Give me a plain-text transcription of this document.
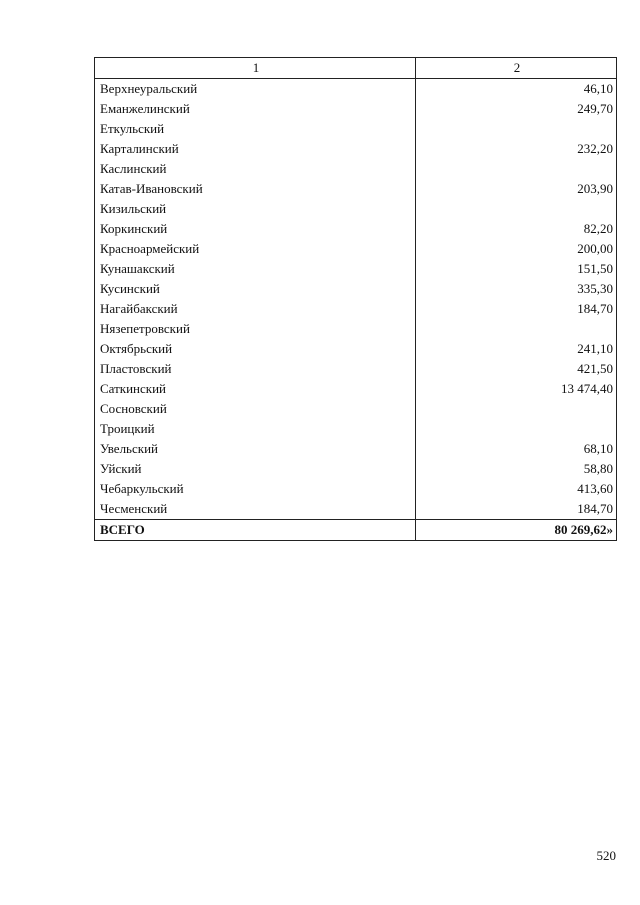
1	2
Верхнеуральский	46,10
Еманжелинский	249,70
Еткульский	
Карталинский	232,20
Каслинский	
Катав-Ивановский	203,90
Кизильский	
Коркинский	82,20
Красноармейский	200,00
Кунашакский	151,50
Кусинский	335,30
Нагайбакский	184,70
Нязепетровский	
Октябрьский	241,10
Пластовский	421,50
Саткинский	13 474,40
Сосновский	
Троицкий	
Увельский	68,10
Уйский	58,80
Чебаркульский	413,60
Чесменский	184,70
ВСЕГО	80 269,62»
520
